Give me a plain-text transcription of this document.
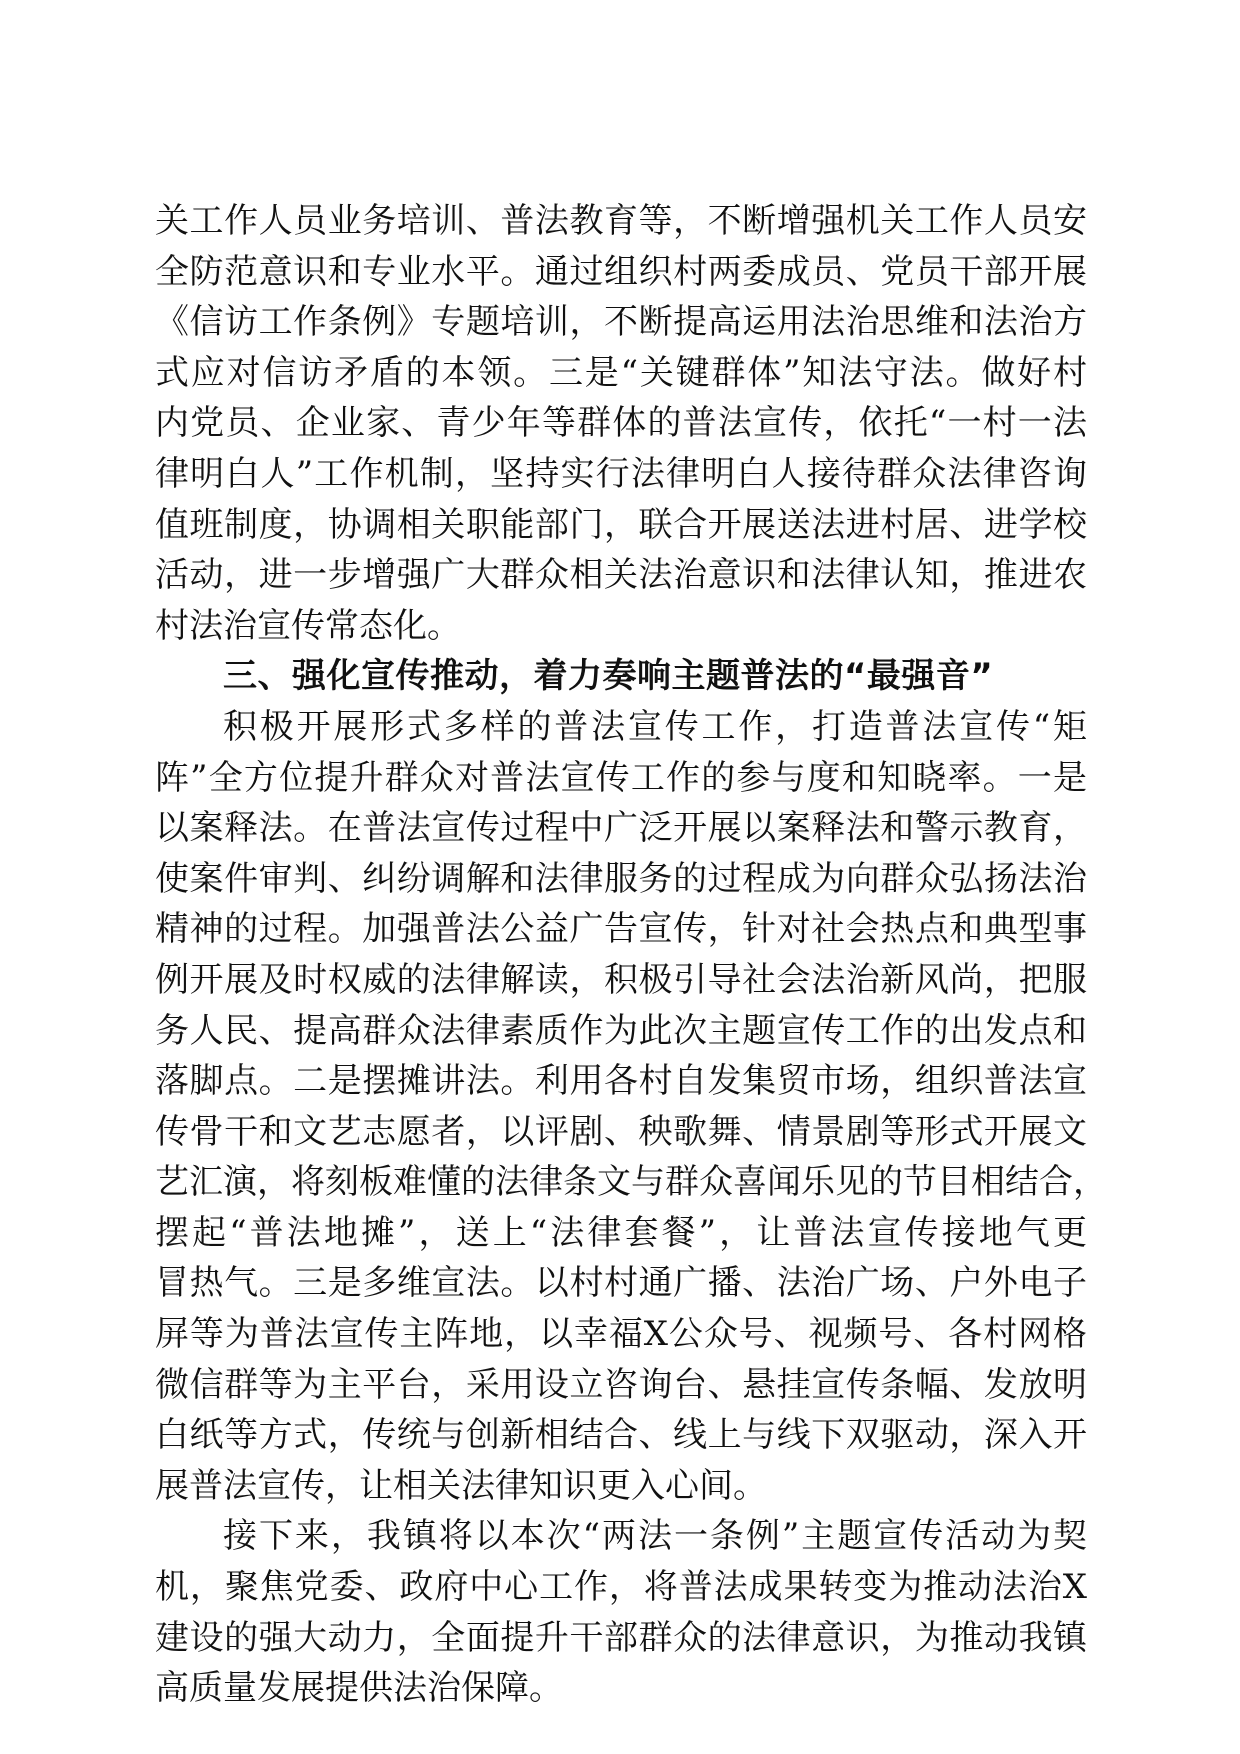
关工作人员业务培训、普法教育等，不断增强机关工作人员安
全防范意识和专业水平。通过组织村两委成员、党员干部开展
《信访工作条例》专题培训，不断提高运用法治思维和法治方
式应对信访矛盾的本领。三是“关键群体”知法守法。做好村
内党员、企业家、青少年等群体的普法宣传，依托“一村一法
律明白人”工作机制，坚持实行法律明白人接待群众法律咨询
值班制度，协调相关职能部门，联合开展送法进村居、进学校
活动，进一步增强广大群众相关法治意识和法律认知，推进农
村法治宣传常态化。
三、强化宣传推动，着力奏响主题普法的“最强音”
积极开展形式多样的普法宣传工作，打造普法宣传“矩
阵”全方位提升群众对普法宣传工作的参与度和知晓率。一是
以案释法。在普法宣传过程中广泛开展以案释法和警示教育，
使案件审判、纠纷调解和法律服务的过程成为向群众弘扬法治
精神的过程。加强普法公益广告宣传，针对社会热点和典型事
例开展及时权威的法律解读，积极引导社会法治新风尚，把服
务人民、提高群众法律素质作为此次主题宣传工作的出发点和
落脚点。二是摆摊讲法。利用各村自发集贸市场，组织普法宣
传骨干和文艺志愿者，以评剧、秧歌舞、情景剧等形式开展文
艺汇演，将刻板难懂的法律条文与群众喜闻乐见的节目相结合，
摆起“普法地摊”，送上“法律套餐”，让普法宣传接地气更
冒热气。三是多维宣法。以村村通广播、法治广场、户外电子
屏等为普法宣传主阵地，以幸福X公众号、视频号、各村网格
微信群等为主平台，采用设立咨询台、悬挂宣传条幅、发放明
白纸等方式，传统与创新相结合、线上与线下双驱动，深入开
展普法宣传，让相关法律知识更入心间。
接下来，我镇将以本次“两法一条例”主题宣传活动为契
机，聚焦党委、政府中心工作，将普法成果转变为推动法治X
建设的强大动力，全面提升干部群众的法律意识，为推动我镇
高质量发展提供法治保障。
